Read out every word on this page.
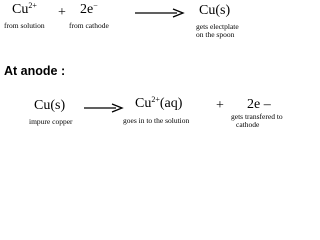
$Cu^{2+}$
from solution
+ 2e−
from cathode
Cu(s)
gets electplate
on the spoon
At anode :
Cu(s)
impure copper
$Cu^{2+}(aq)$
goes in to the solution
+ 2e –
gets transfered to
cathode
